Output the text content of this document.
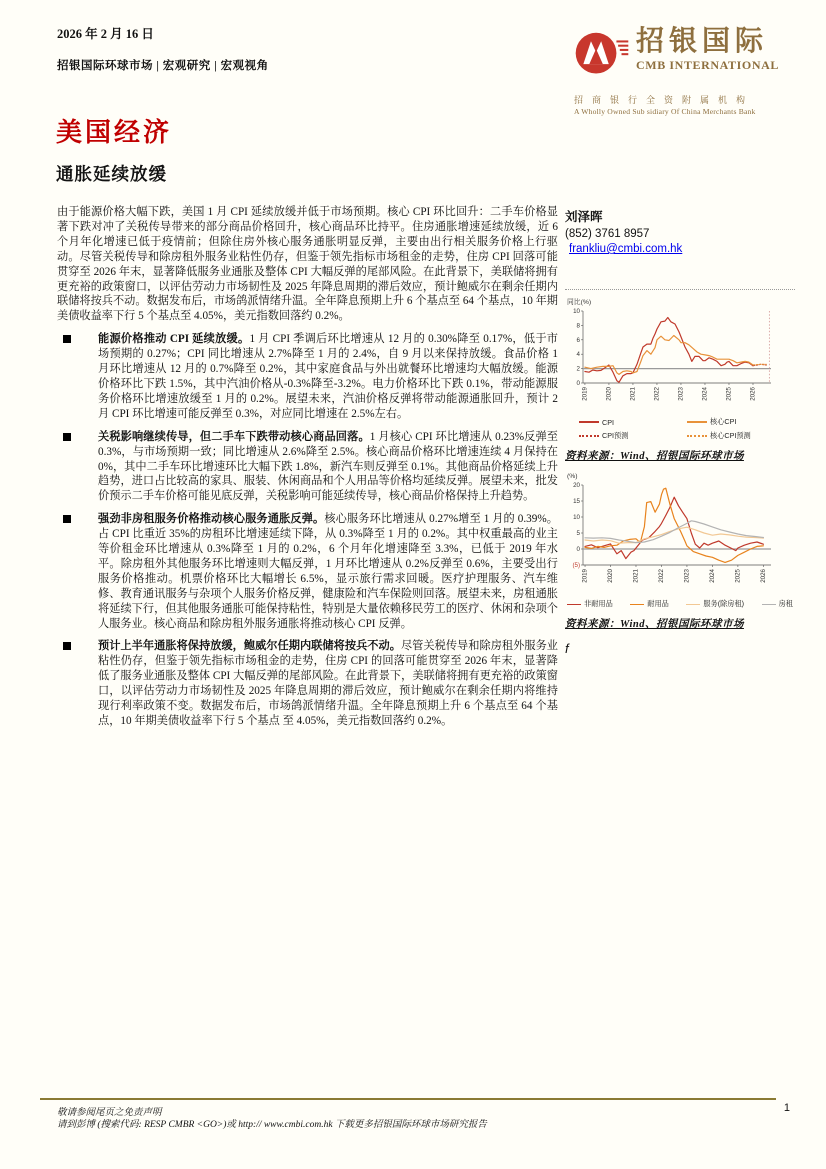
2026 年 2 月 16 日
招银国际环球市场 | 宏观研究 | 宏观视角
美国经济
通胀延续放缓
招银国际
CMB INTERNATIONAL
招商银行全资附属机构
A Wholly Owned Sub sidiary Of China Merchants Bank

由于能源价格大幅下跌，美国 1 月 CPI 延续放缓并低于市场预期。核心 CPI 环比回升：二手车价格显著下跌对冲了关税传导带来的部分商品价格回升，核心商品环比持平。住房通胀增速延续放缓，近 6 个月年化增速已低于疫情前；但除住房外核心服务通胀明显反弹，主要由出行相关服务价格上行驱动。尽管关税传导和除房租外服务业粘性仍存，但鉴于领先指标市场租金的走势，住房 CPI 回落可能贯穿至 2026 年末，显著降低服务业通胀及整体 CPI 大幅反弹的尾部风险。在此背景下，美联储将拥有更充裕的政策窗口，以评估劳动力市场韧性及 2025 年降息周期的滞后效应，预计鲍威尔在剩余任期内联储将按兵不动。数据发布后，市场鸽派情绪升温。全年降息预期上升 6 个基点至 64 个基点，10 年期美债收益率下行 5 个基点至 4.05%，美元指数回落约 0.2%。

能源价格推动 CPI 延续放缓。1 月 CPI 季调后环比增速从 12 月的 0.30%降至 0.17%，低于市场预期的 0.27%；CPI 同比增速从 2.7%降至 1 月的 2.4%，自 9 月以来保持放缓。食品价格 1 月环比增速从 12 月的 0.7%降至 0.2%，其中家庭食品与外出就餐环比增速均大幅放缓。能源价格环比下跌 1.5%，其中汽油价格从-0.3%降至-3.2%。电力价格环比下跌 0.1%，带动能源服务价格环比增速放缓至 1 月的 0.2%。展望未来，汽油价格反弹将带动能源通胀回升，预计 2 月 CPI 环比增速可能反弹至 0.3%，对应同比增速在 2.5%左右。

关税影响继续传导，但二手车下跌带动核心商品回落。1 月核心 CPI 环比增速从 0.23%反弹至 0.3%，与市场预期一致；同比增速从 2.6%降至 2.5%。核心商品价格环比增速连续 4 月保持在 0%，其中二手车环比增速环比大幅下跌 1.8%，新汽车则反弹至 0.1%。其他商品价格延续上升趋势，进口占比较高的家具、服装、休闲商品和个人用品等价格均延续反弹。展望未来，批发价预示二手车价格可能见底反弹，关税影响可能延续传导，核心商品价格保持上升趋势。

强劲非房租服务价格推动核心服务通胀反弹。核心服务环比增速从 0.27%增至 1 月的 0.39%。占 CPI 比重近 35%的房租环比增速延续下降，从 0.3%降至 1 月的 0.2%。其中权重最高的业主等价租金环比增速从 0.3%降至 1 月的 0.2%，6 个月年化增速降至 3.3%，已低于 2019 年水平。除房租外其他服务环比增速则大幅反弹，1 月环比增速从 0.2%反弹至 0.6%，主要受出行服务价格推动。机票价格环比大幅增长 6.5%，显示旅行需求回暖。医疗护理服务、汽车维修、教育通讯服务与杂项个人服务价格反弹，健康险和汽车保险则回落。展望未来，房租通胀将延续下行，但其他服务通胀可能保持粘性，特别是大量依赖移民劳工的医疗、休闲和杂项个人服务业。核心商品和除房租外服务通胀将推动核心 CPI 反弹。

预计上半年通胀将保持放缓，鲍威尔任期内联储将按兵不动。尽管关税传导和除房租外服务业粘性仍存，但鉴于领先指标市场租金的走势，住房 CPI 的回落可能贯穿至 2026 年末，显著降低了服务业通胀及整体 CPI 大幅反弹的尾部风险。在此背景下，美联储将拥有更充裕的政策窗口，以评估劳动力市场韧性及 2025 年降息周期的滞后效应，预计鲍威尔在剩余任期内将维持现行利率政策不变。数据发布后，市场鸽派情绪升温。全年降息预期上升 6 个基点至 64 个基点，10 年期美债收益率下行 5 个基点 至 4.05%，美元指数回落约 0.2%。

刘泽晖
(852) 3761 8957
frankliu@cmbi.com.hk
同比(%)
0
2
4
6
8
10
2019	2020	2021	2022	2023	2024	2025	2026
CPI	核心CPI
CPI预测	核心CPI预测
资料来源：Wind、招银国际环球市场
(%)
(5)
0
5
10
15
20
2019	2020	2021	2022	2023	2024	2025	2026
非耐用品	耐用品	服务(除房租)	房租
资料来源：Wind、招银国际环球市场
f
敬请参阅尾页之免责声明
请到彭博 (搜索代码: RESP CMBR <GO>)或 http:// www.cmbi.com.hk 下载更多招银国际环球市场研究报告
1
